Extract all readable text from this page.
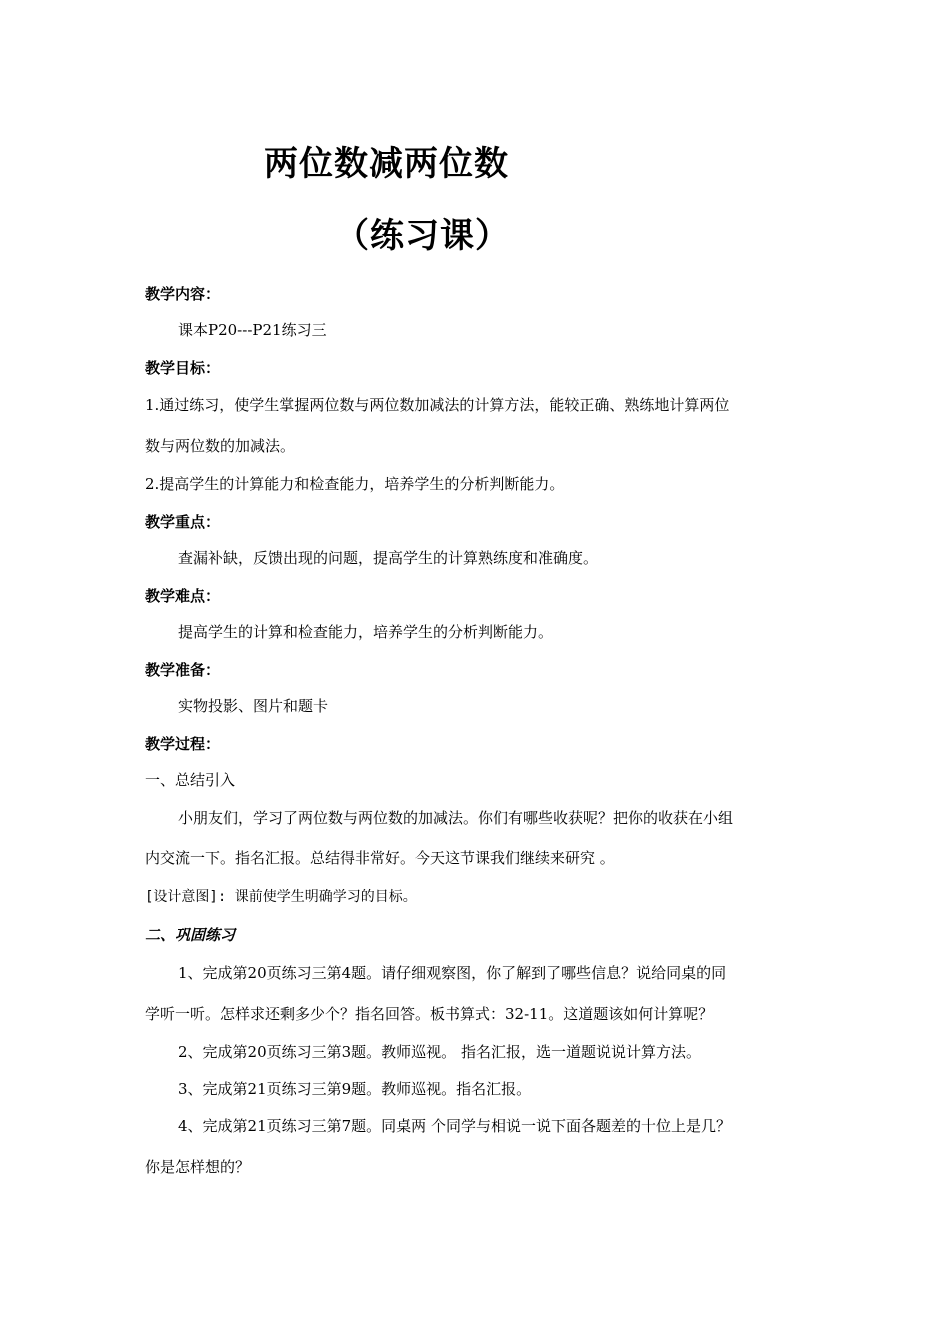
两位数减两位数
（练习课）
教学内容：
课本P20---P21练习三
教学目标：
1.通过练习，使学生掌握两位数与两位数加减法的计算方法，能较正确、熟练地计算两位
数与两位数的加减法。
2.提高学生的计算能力和检查能力，培养学生的分析判断能力。
教学重点：
查漏补缺，反馈出现的问题，提高学生的计算熟练度和准确度。
教学难点：
提高学生的计算和检查能力，培养学生的分析判断能力。
教学准备：
实物投影、图片和题卡
教学过程：
一、总结引入
小朋友们，学习了两位数与两位数的加减法。你们有哪些收获呢？把你的收获在小组
内交流一下。指名汇报。总结得非常好。今天这节课我们继续来研究 。
[设计意图]: 课前使学生明确学习的目标。
二、巩固练习
1、完成第20页练习三第4题。请仔细观察图，你了解到了哪些信息？说给同桌的同
学听一听。怎样求还剩多少个？指名回答。板书算式：32-11。这道题该如何计算呢？
2、完成第20页练习三第3题。教师巡视。 指名汇报，选一道题说说计算方法。
3、完成第21页练习三第9题。教师巡视。指名汇报。
4、完成第21页练习三第7题。同桌两 个同学与相说一说下面各题差的十位上是几？
你是怎样想的？
